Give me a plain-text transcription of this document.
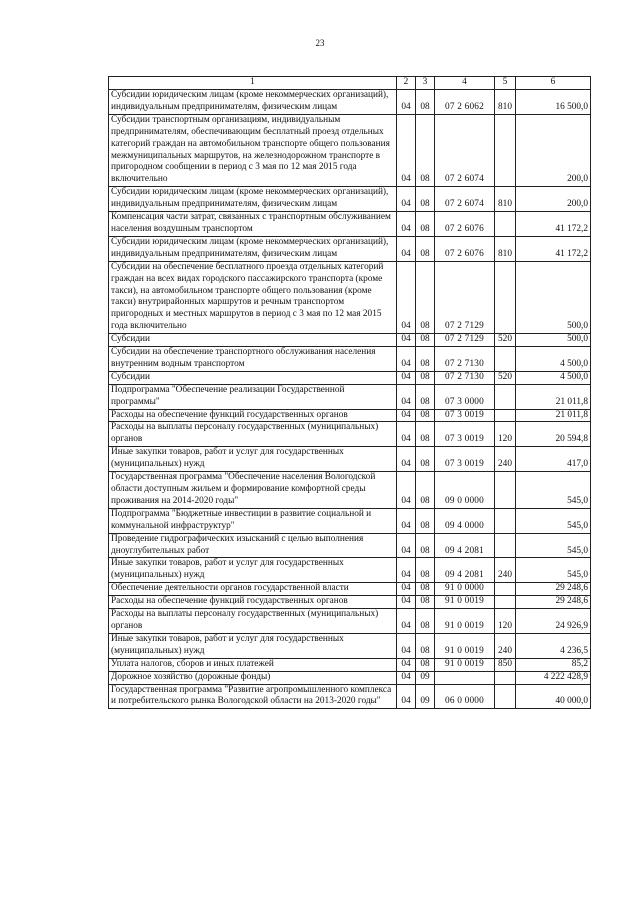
23
1	2	3	4	5	6
Субсидии юридическим лицам (кроме некоммерческих организаций), индивидуальным предпринимателям, физическим лицам	04	08	07 2 6062	810	16 500,0
Субсидии транспортным организациям, индивидуальным предпринимателям, обеспечивающим бесплатный проезд отдельных категорий граждан на автомобильном транспорте общего пользования межмуниципальных маршрутов, на железнодорожном транспорте в пригородном сообщении в период с 3 мая по 12 мая 2015 года включительно	04	08	07 2 6074		200,0
Субсидии юридическим лицам (кроме некоммерческих организаций), индивидуальным предпринимателям, физическим лицам	04	08	07 2 6074	810	200,0
Компенсация части затрат, связанных с транспортным обслуживанием населения воздушным транспортом	04	08	07 2 6076		41 172,2
Субсидии юридическим лицам (кроме некоммерческих организаций), индивидуальным предпринимателям, физическим лицам	04	08	07 2 6076	810	41 172,2
Субсидии на обеспечение бесплатного проезда отдельных категорий граждан на всех видах городского пассажирского транспорта (кроме такси), на автомобильном транспорте общего пользования (кроме такси) внутрирайонных маршрутов и речным транспортом пригородных и местных маршрутов в период с 3 мая по 12 мая 2015 года включительно	04	08	07 2 7129		500,0
Субсидии	04	08	07 2 7129	520	500,0
Субсидии на обеспечение транспортного обслуживания населения внутренним водным транспортом	04	08	07 2 7130		4 500,0
Субсидии	04	08	07 2 7130	520	4 500,0
Подпрограмма "Обеспечение реализации Государственной программы"	04	08	07 3 0000		21 011,8
Расходы на обеспечение функций государственных органов	04	08	07 3 0019		21 011,8
Расходы на выплаты персоналу государственных (муниципальных) органов	04	08	07 3 0019	120	20 594,8
Иные закупки товаров, работ и услуг для государственных (муниципальных) нужд	04	08	07 3 0019	240	417,0
Государственная программа "Обеспечение населения Вологодской области доступным жильем и формирование комфортной среды проживания на 2014-2020 годы"	04	08	09 0 0000		545,0
Подпрограмма "Бюджетные инвестиции в развитие социальной и коммунальной инфраструктур"	04	08	09 4 0000		545,0
Проведение гидрографических изысканий с целью выполнения дноуглубительных работ	04	08	09 4 2081		545,0
Иные закупки товаров, работ и услуг для государственных (муниципальных) нужд	04	08	09 4 2081	240	545,0
Обеспечение деятельности органов государственной власти	04	08	91 0 0000		29 248,6
Расходы на обеспечение функций государственных органов	04	08	91 0 0019		29 248,6
Расходы на выплаты персоналу государственных (муниципальных) органов	04	08	91 0 0019	120	24 926,9
Иные закупки товаров, работ и услуг для государственных (муниципальных) нужд	04	08	91 0 0019	240	4 236,5
Уплата налогов, сборов и иных платежей	04	08	91 0 0019	850	85,2
Дорожное хозяйство (дорожные фонды)	04	09			4 222 428,9
Государственная программа "Развитие агропромышленного комплекса и потребительского рынка Вологодской области на 2013-2020 годы"	04	09	06 0 0000		40 000,0
